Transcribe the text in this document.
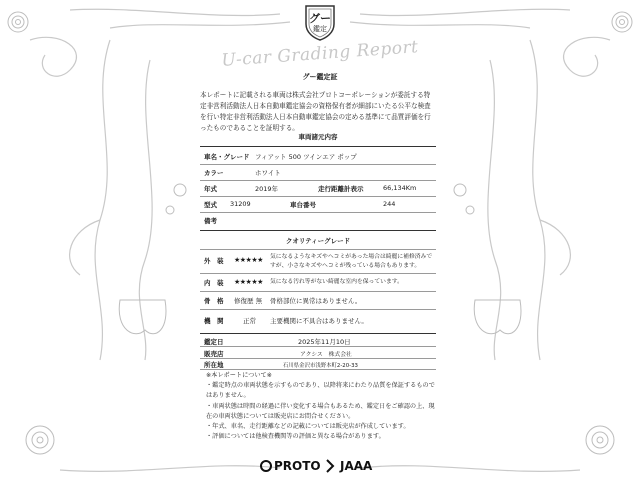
グー
鑑定
U-car Grading Report
グー鑑定証
本レポートに記載される車両は株式会社プロトコーポレーションが委託する特定非営利活動法人日本自動車鑑定協会の資格保有者が細部にいたる公平な検査を行い特定非営利活動法人日本自動車鑑定協会の定める基準にて品質評価を行ったものであることを証明する。
車両諸元内容
車名・グレード フィアット 500 ツインエア ポップ
カラー	ホワイト
年式	2019年	走行距離計表示	66,134Km
型式 31209	車台番号	244
備考
クオリティーグレード
外　装 ★★★★★ 気になるようなキズやヘコミがあった場合は綺麗に補修済みですが、小さなキズやヘコミが残っている場合もあります。
内　装 ★★★★★ 気になる汚れ等がない綺麗な室内を保っています。
骨　格 修復歴 無 骨格部位に異常はありません。
機　関	正常 主要機関に不具合はありません。
鑑定日	2025年11月10日
販売店	アクシス　株式会社
所在地	石川県金沢市浅野本町2-20-33
※本レポートについて※
・鑑定時点の車両状態を示すものであり、以降将来にわたり品質を保証するものではありません。
・車両状態は時間の経過に伴い変化する場合もあるため、鑑定日をご確認の上、現在の車両状態については販売店にお問合せください。
・年式、車名、走行距離などの記載については販売店が作成しています。
・評価については他検査機関等の評価と異なる場合があります。
PROTO JAAA
